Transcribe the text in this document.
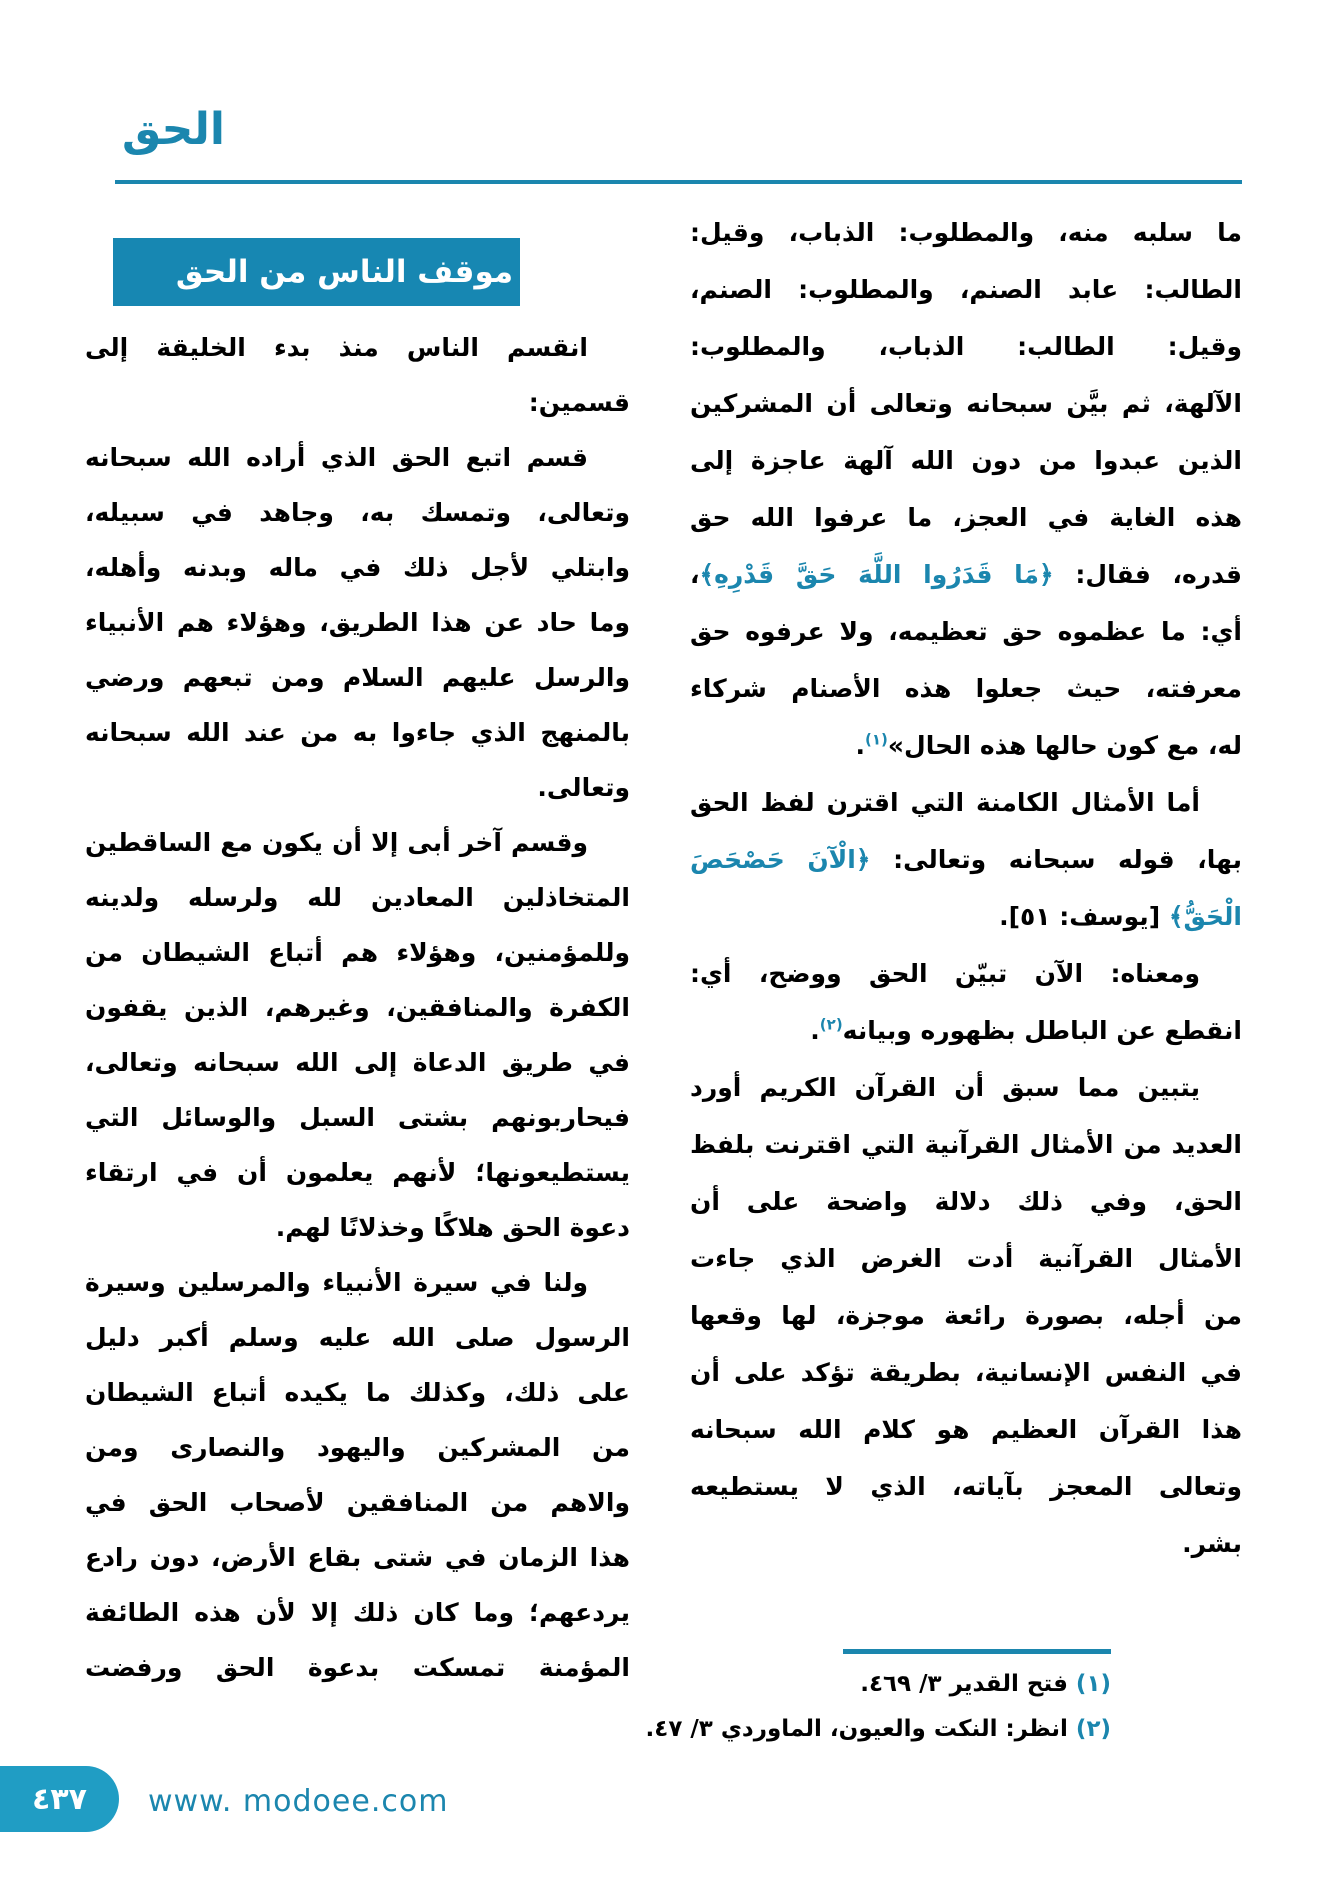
الحق
موقف الناس من الحق
ما سلبه منه، والمطلوب: الذباب، وقيل:
الطالب: عابد الصنم، والمطلوب: الصنم،
وقيل: الطالب: الذباب، والمطلوب:
الآلهة، ثم بيَّن سبحانه وتعالى أن المشركين
الذين عبدوا من دون الله آلهة عاجزة إلى
هذه الغاية في العجز، ما عرفوا الله حق
قدره، فقال: ﴿مَا قَدَرُوا اللَّهَ حَقَّ قَدْرِهِ﴾،
أي: ما عظموه حق تعظيمه، ولا عرفوه حق
معرفته، حيث جعلوا هذه الأصنام شركاء
له، مع كون حالها هذه الحال»$^{(١)}$.
أما الأمثال الكامنة التي اقترن لفظ الحق
بها، قوله سبحانه وتعالى: ﴿الْآنَ حَصْحَصَ
الْحَقُّ﴾ [يوسف: ٥١].
ومعناه: الآن تبيّن الحق ووضح، أي:
انقطع عن الباطل بظهوره وبيانه$^{(٢)}$.
يتبين مما سبق أن القرآن الكريم أورد
العديد من الأمثال القرآنية التي اقترنت بلفظ
الحق، وفي ذلك دلالة واضحة على أن
الأمثال القرآنية أدت الغرض الذي جاءت
من أجله، بصورة رائعة موجزة، لها وقعها
في النفس الإنسانية، بطريقة تؤكد على أن
هذا القرآن العظيم هو كلام الله سبحانه
وتعالى المعجز بآياته، الذي لا يستطيعه
بشر.
انقسم الناس منذ بدء الخليقة إلى
قسمين:
قسم اتبع الحق الذي أراده الله سبحانه
وتعالى، وتمسك به، وجاهد في سبيله،
وابتلي لأجل ذلك في ماله وبدنه وأهله،
وما حاد عن هذا الطريق، وهؤلاء هم الأنبياء
والرسل عليهم السلام ومن تبعهم ورضي
بالمنهج الذي جاءوا به من عند الله سبحانه
وتعالى.
وقسم آخر أبى إلا أن يكون مع الساقطين
المتخاذلين المعادين لله ولرسله ولدينه
وللمؤمنين، وهؤلاء هم أتباع الشيطان من
الكفرة والمنافقين، وغيرهم، الذين يقفون
في طريق الدعاة إلى الله سبحانه وتعالى،
فيحاربونهم بشتى السبل والوسائل التي
يستطيعونها؛ لأنهم يعلمون أن في ارتقاء
دعوة الحق هلاكًا وخذلانًا لهم.
ولنا في سيرة الأنبياء والمرسلين وسيرة
الرسول صلى الله عليه وسلم أكبر دليل
على ذلك، وكذلك ما يكيده أتباع الشيطان
من المشركين واليهود والنصارى ومن
والاهم من المنافقين لأصحاب الحق في
هذا الزمان في شتى بقاع الأرض، دون رادع
يردعهم؛ وما كان ذلك إلا لأن هذه الطائفة
المؤمنة تمسكت بدعوة الحق ورفضت
(١) فتح القدير ٣/ ٤٦٩.
(٢) انظر: النكت والعيون، الماوردي ٣/ ٤٧.
٤٣٧ www. modoee.com
